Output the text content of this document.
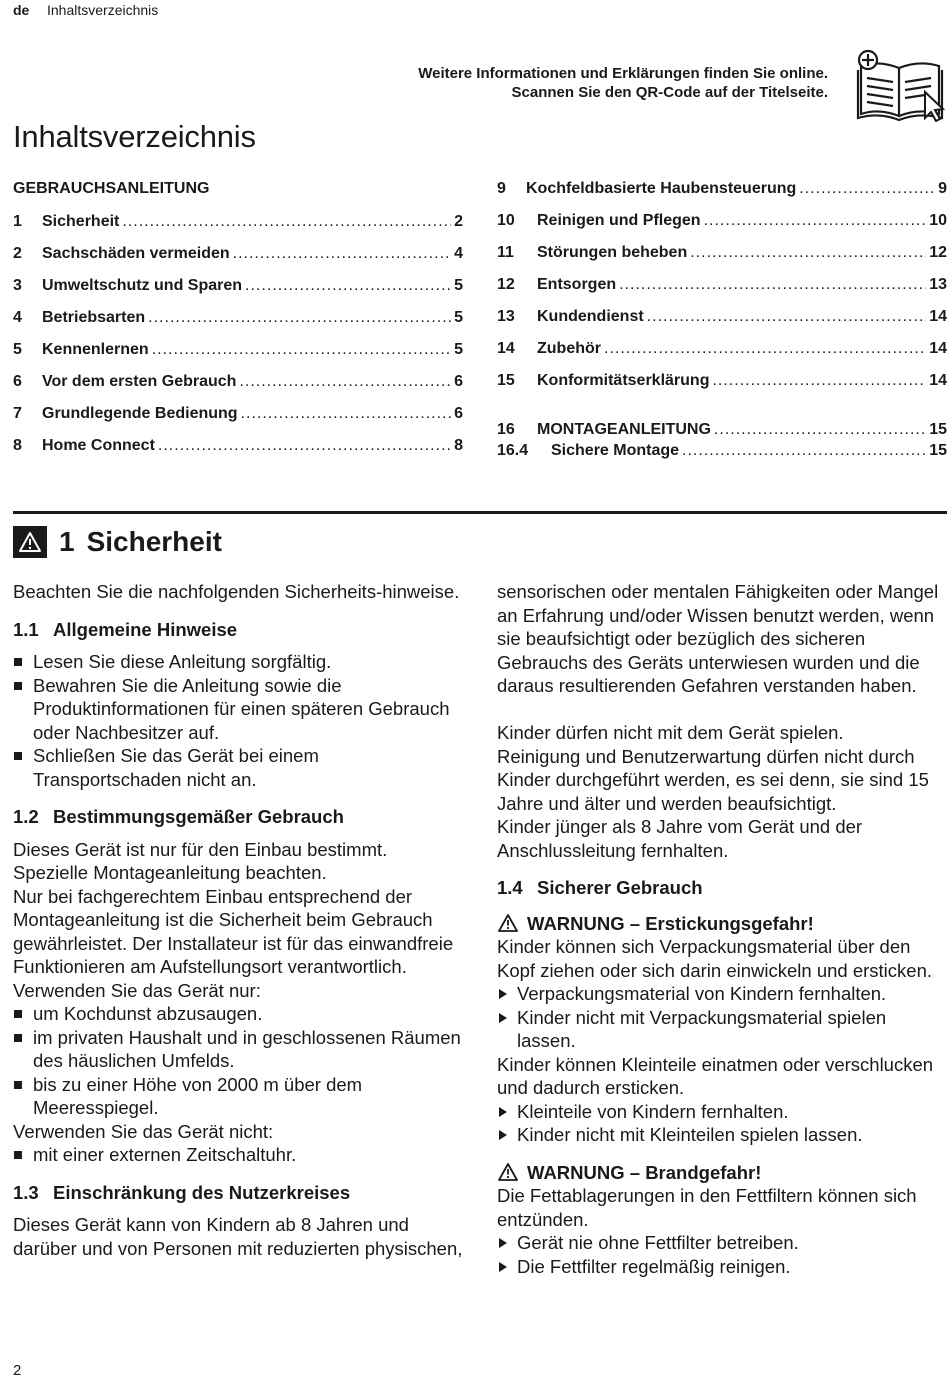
de Inhaltsverzeichnis
Weitere Informationen und Erklärungen finden Sie online.
Scannen Sie den QR-Code auf der Titelseite.
Inhaltsverzeichnis
GEBRAUCHSANLEITUNG
1	Sicherheit .....	2
2	Sachschäden vermeiden .....	4
3	Umweltschutz und Sparen .....	5
4	Betriebsarten .....	5
5	Kennenlernen .....	5
6	Vor dem ersten Gebrauch .....	6
7	Grundlegende Bedienung .....	6
8	Home Connect .....	8
9	Kochfeldbasierte Haubensteuerung .....	9
10	Reinigen und Pflegen .....	10
11	Störungen beheben .....	12
12	Entsorgen .....	13
13	Kundendienst .....	14
14	Zubehör .....	14
15	Konformitätserklärung .....	14
16	MONTAGEANLEITUNG .....	15
16.4	Sichere Montage .....	15
1 Sicherheit

Beachten Sie die nachfolgenden Sicherheits-hinweise.

1.1 Allgemeine Hinweise
Lesen Sie diese Anleitung sorgfältig.
Bewahren Sie die Anleitung sowie die Produktinformationen für einen späteren Gebrauch oder Nachbesitzer auf.
Schließen Sie das Gerät bei einem Transportschaden nicht an.
1.2 Bestimmungsgemäßer Gebrauch

Dieses Gerät ist nur für den Einbau bestimmt. Spezielle Montageanleitung beachten.

Nur bei fachgerechtem Einbau entsprechend der Montageanleitung ist die Sicherheit beim Gebrauch gewährleistet. Der Installateur ist für das einwandfreie Funktionieren am Aufstellungsort verantwortlich.

Verwenden Sie das Gerät nur:

um Kochdunst abzusaugen.
im privaten Haushalt und in geschlossenen Räumen des häuslichen Umfelds.
bis zu einer Höhe von 2000 m über dem Meeresspiegel.

Verwenden Sie das Gerät nicht:

mit einer externen Zeitschaltuhr.
1.3 Einschränkung des Nutzerkreises

Dieses Gerät kann von Kindern ab 8 Jahren und darüber und von Personen mit reduzierten physischen,

sensorischen oder mentalen Fähigkeiten oder Mangel an Erfahrung und/oder Wissen benutzt werden, wenn sie beaufsichtigt oder bezüglich des sicheren Gebrauchs des Geräts unterwiesen wurden und die daraus resultierenden Gefahren verstanden haben.

Kinder dürfen nicht mit dem Gerät spielen.

Reinigung und Benutzerwartung dürfen nicht durch Kinder durchgeführt werden, es sei denn, sie sind 15 Jahre und älter und werden beaufsichtigt.

Kinder jünger als 8 Jahre vom Gerät und der Anschlussleitung fernhalten.

1.4 Sicherer Gebrauch
WARNUNG – Erstickungsgefahr!

Kinder können sich Verpackungsmaterial über den Kopf ziehen oder sich darin einwickeln und ersticken.

Verpackungsmaterial von Kindern fernhalten.
Kinder nicht mit Verpackungsmaterial spielen lassen.

Kinder können Kleinteile einatmen oder verschlucken und dadurch ersticken.

Kleinteile von Kindern fernhalten.
Kinder nicht mit Kleinteilen spielen lassen.
WARNUNG – Brandgefahr!

Die Fettablagerungen in den Fettfiltern können sich entzünden.

Gerät nie ohne Fettfilter betreiben.
Die Fettfilter regelmäßig reinigen.
2
